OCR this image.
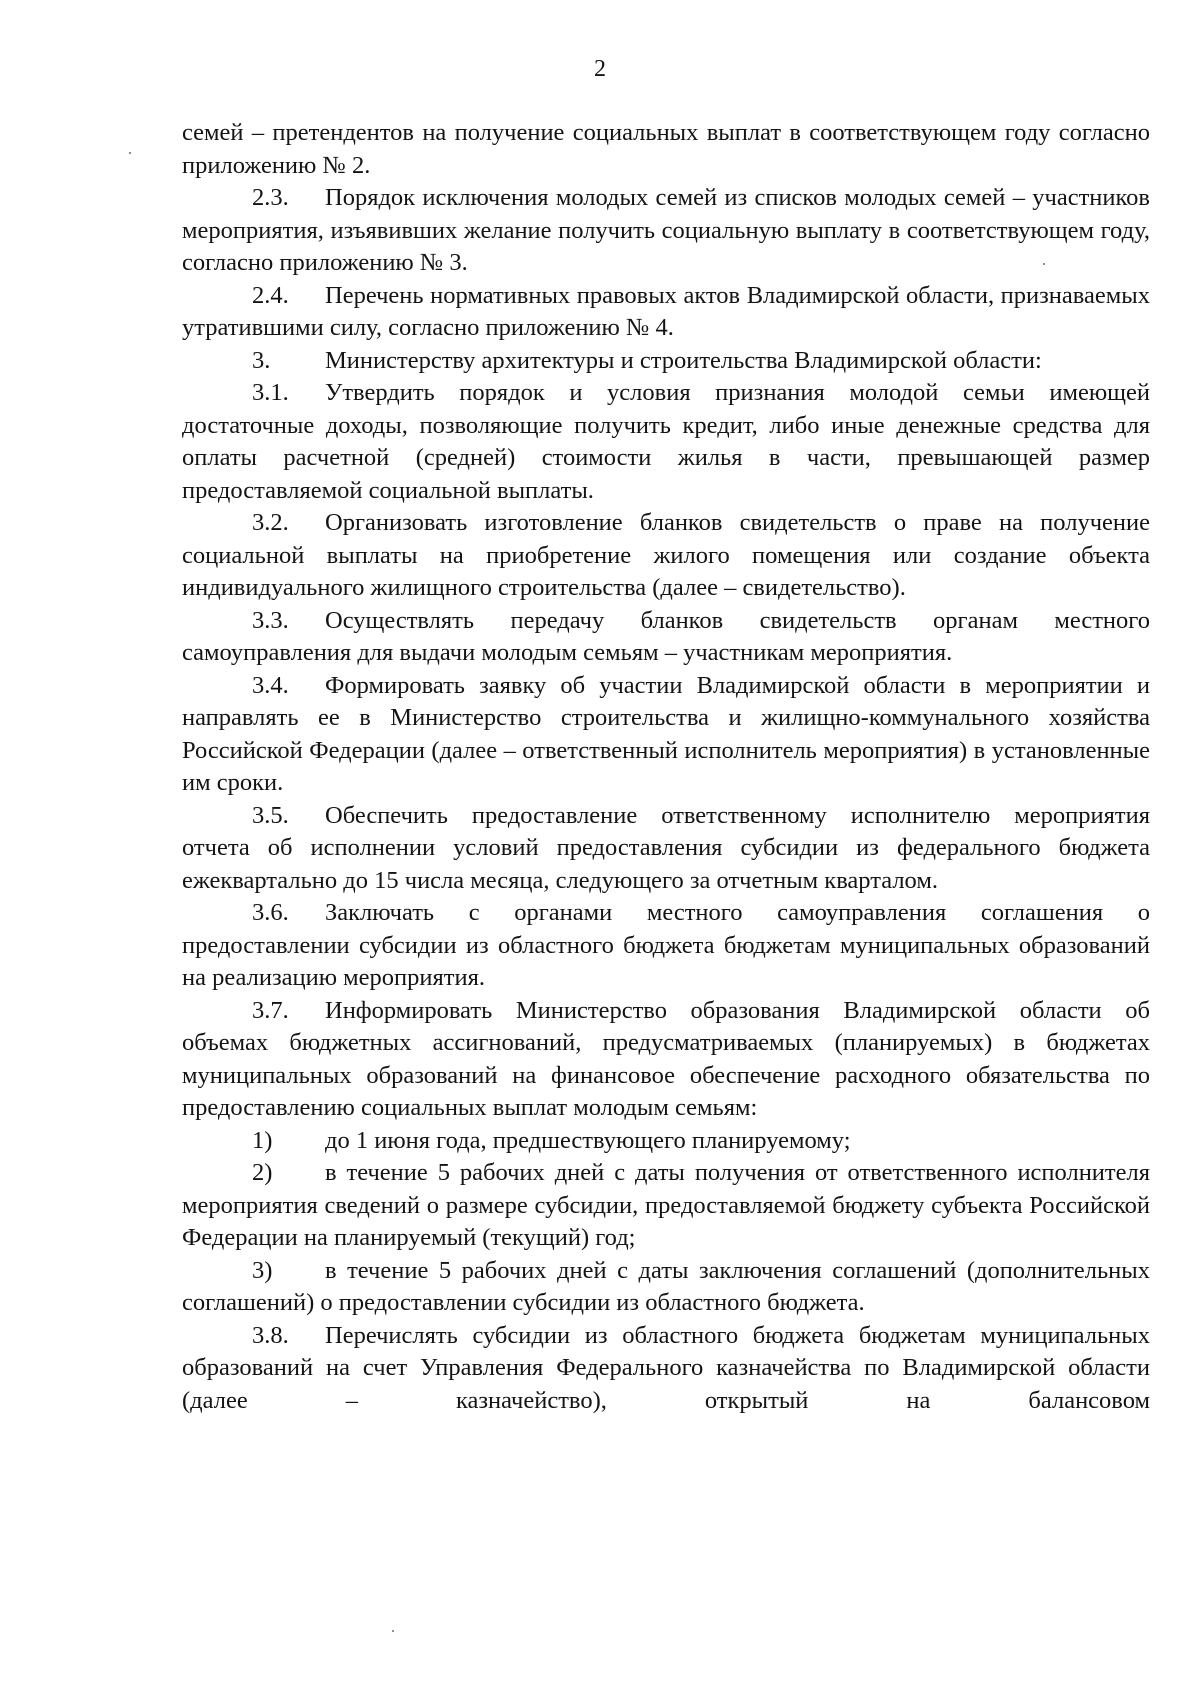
2

семей – претендентов на получение социальных выплат в соответствующем году согласно приложению № 2.

2.3. Порядок исключения молодых семей из списков молодых семей – участников мероприятия, изъявивших желание получить социальную выплату в соответствующем году, согласно приложению № 3.

2.4. Перечень нормативных правовых актов Владимирской области, признаваемых утратившими силу, согласно приложению № 4.

3. Министерству архитектуры и строительства Владимирской области:

3.1. Утвердить порядок и условия признания молодой семьи имеющей достаточные доходы, позволяющие получить кредит, либо иные денежные средства для оплаты расчетной (средней) стоимости жилья в части, превышающей размер предоставляемой социальной выплаты.

3.2. Организовать изготовление бланков свидетельств о праве на получение социальной выплаты на приобретение жилого помещения или создание объекта индивидуального жилищного строительства (далее – свидетельство).

3.3. Осуществлять передачу бланков свидетельств органам местного самоуправления для выдачи молодым семьям – участникам мероприятия.

3.4. Формировать заявку об участии Владимирской области в мероприятии и направлять ее в Министерство строительства и жилищно-коммунального хозяйства Российской Федерации (далее – ответственный исполнитель мероприятия) в установленные им сроки.

3.5. Обеспечить предоставление ответственному исполнителю мероприятия отчета об исполнении условий предоставления субсидии из федерального бюджета ежеквартально до 15 числа месяца, следующего за отчетным кварталом.

3.6. Заключать с органами местного самоуправления соглашения о предоставлении субсидии из областного бюджета бюджетам муниципальных образований на реализацию мероприятия.

3.7. Информировать Министерство образования Владимирской области об объемах бюджетных ассигнований, предусматриваемых (планируемых) в бюджетах муниципальных образований на финансовое обеспечение расходного обязательства по предоставлению социальных выплат молодым семьям:

1) до 1 июня года, предшествующего планируемому;

2) в течение 5 рабочих дней с даты получения от ответственного исполнителя мероприятия сведений о размере субсидии, предоставляемой бюджету субъекта Российской Федерации на планируемый (текущий) год;

3) в течение 5 рабочих дней с даты заключения соглашений (дополнительных соглашений) о предоставлении субсидии из областного бюджета.

3.8. Перечислять субсидии из областного бюджета бюджетам муниципальных образований на счет Управления Федерального казначейства по Владимирской области (далее – казначейство), открытый на балансовом
